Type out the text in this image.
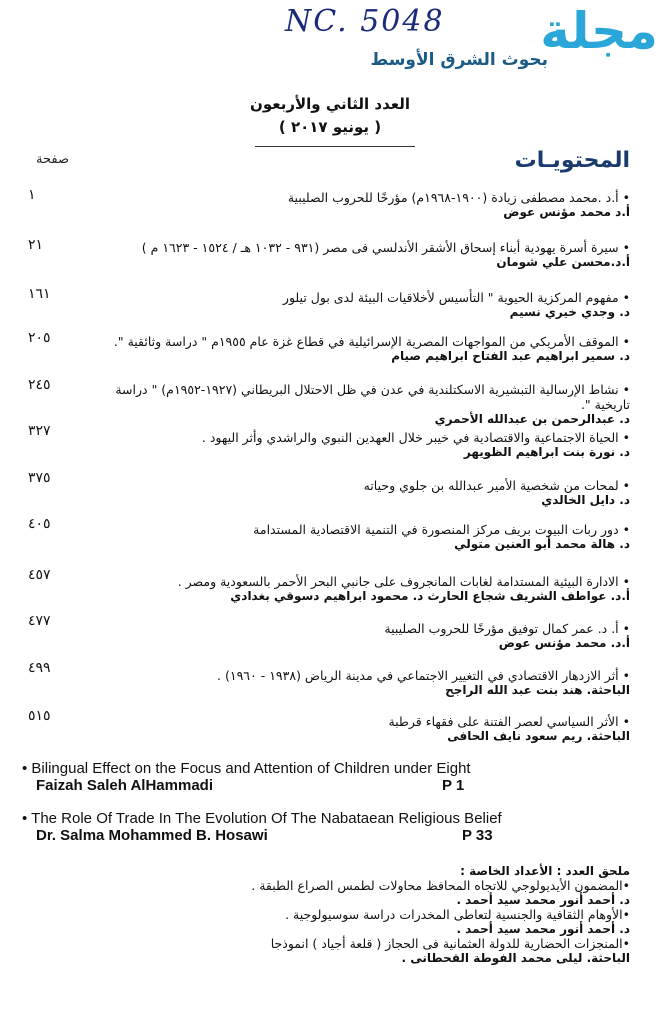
NC. 5048 مجلة
بحوث الشرق الأوسط
العدد الثاني والأربعون
( يونيو ٢٠١٧ )
المحتويـات
صفحة
• أ.د .محمد مصطفى زيادة (١٩٠٠-١٩٦٨م) مؤرخًا للحروب الصليبية
أ.د محمد مؤنس عوض
١
• سيرة أسرة يهودية أبناء إسحاق الأشقر الأندلسي فى مصر (٩٣١ - ١٠٣٢ هـ / ١٥٢٤ - ١٦٢٣ م )
أ.د.محسن علي شومان
٢١
• مفهوم المركزية الحيوية " التأسيس لأخلاقيات البيئة لدى بول تيلور
د. وجدي خيري نسيم
١٦١
• الموقف الأمريكي من المواجهات المصرية الإسرائيلية في قطاع غزة عام ١٩٥٥م " دراسة وثائقية ".
د. سمير ابراهيم عبد الفتاح ابراهيم صيام
٢٠٥
• نشاط الإرسالية التبشيرية الاسكتلندية في عدن في ظل الاحتلال البريطاني (١٩٢٧-١٩٥٢م) " دراسة تاريخية ".
د. عبدالرحمن بن عبدالله الأحمري
٢٤٥
• الحياة الاجتماعية والاقتصادية في خيبر خلال العهدين النبوي والراشدي وأثر اليهود .
د. نورة بنت ابراهيم الظويهر
٣٢٧
• لمحات من شخصية الأمير عبدالله بن جلوي وحياته
د. دايل الخالدي
٣٧٥
• دور ربات البيوت بريف مركز المنصورة في التنمية الاقتصادية المستدامة
د. هالة محمد أبو العنين متولي
٤٠٥
• الادارة البيئية المستدامة لغابات المانجروف على جانبي البحر الأحمر بالسعودية ومصر .
أ.د. عواطف الشريف شجاع الحارث د. محمود ابراهيم دسوقي بغدادي
٤٥٧
• أ. د. عمر كمال توفيق مؤرخًا للحروب الصليبية
أ.د. محمد مؤنس عوض
٤٧٧
• أثر الازدهار الاقتصادي في التغيير الاجتماعي في مدينة الرياض (١٩٣٨ - ١٩٦٠) .
الباحثة. هند بنت عبد الله الراجح
٤٩٩
• الأثر السياسي لعصر الفتنة على فقهاء قرطبة
الباحثة. ريم سعود نايف الحافى
٥١٥
• Bilingual Effect on the Focus and Attention of Children under Eight
Faizah Saleh AlHammadi	P 1
• The Role Of Trade In The Evolution Of The Nabataean Religious Belief
Dr. Salma Mohammed B. Hosawi	P 33
ملحق العدد : الأعداد الخاصة :
•المضمون الأيديولوجي للاتجاه المحافظ محاولات لطمس الصراع الطبقة .
د. أحمد أنور محمد سيد أحمد .
•الأوهام الثقافية والجنسية لتعاطى المخدرات دراسة سوسيولوجية .
د. أحمد أنور محمد سيد أحمد .
•المنجزات الحضارية للدولة العثمانية فى الحجاز ( قلعة أجياد ) انموذجا
الباحثة. ليلى محمد الفوطة القحطانى .
